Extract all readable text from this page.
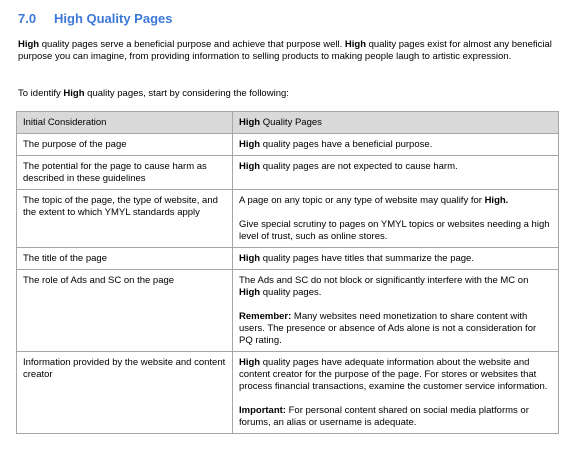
7.0	High Quality Pages

High quality pages serve a beneficial purpose and achieve that purpose well. High quality pages exist for almost any beneficial purpose you can imagine, from providing information to selling products to making people laugh to artistic expression.

To identify High quality pages, start by considering the following:

Initial Consideration	High Quality Pages
The purpose of the page	High quality pages have a beneficial purpose.

The potential for the page to cause harm as described in these guidelines	High quality pages are not expected to cause harm.

The topic of the page, the type of website, and the extent to which YMYL standards apply	A page on any topic or any type of website may qualify for High.
Give special scrutiny to pages on YMYL topics or websites needing a high level of trust, such as online stores.

The title of the page	High quality pages have titles that summarize the page.

The role of Ads and SC on the page	The Ads and SC do not block or significantly interfere with the MC on High quality pages.
Remember: Many websites need monetization to share content with users. The presence or absence of Ads alone is not a consideration for PQ rating.

Information provided by the website and content creator	High quality pages have adequate information about the website and content creator for the purpose of the page. For stores or websites that process financial transactions, examine the customer service information.
Important: For personal content shared on social media platforms or forums, an alias or username is adequate.
